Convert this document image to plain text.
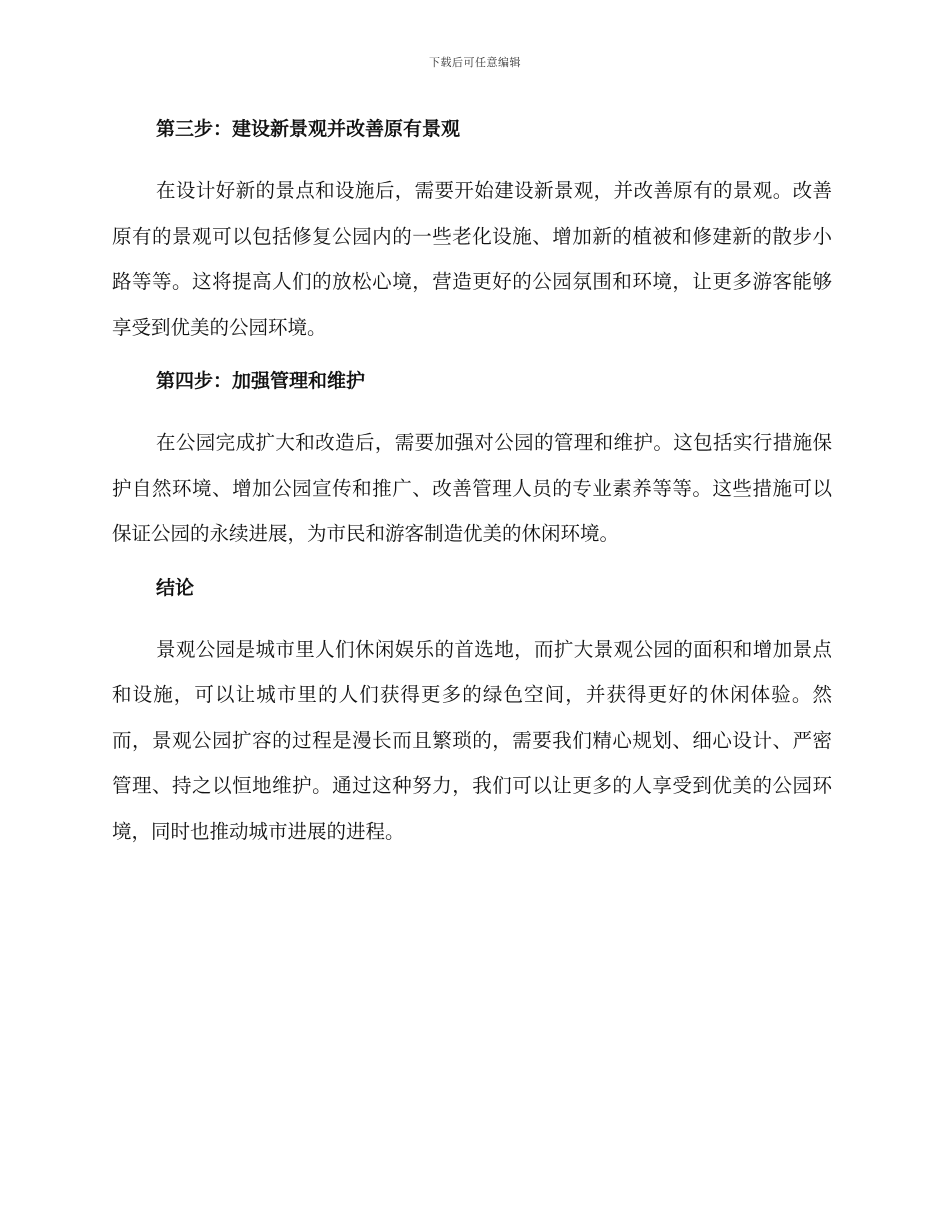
下载后可任意编辑
第三步：建设新景观并改善原有景观

在设计好新的景点和设施后，需要开始建设新景观，并改善原有的景观。改善原有的景观可以包括修复公园内的一些老化设施、增加新的植被和修建新的散步小路等等。这将提高人们的放松心境，营造更好的公园氛围和环境，让更多游客能够享受到优美的公园环境。

第四步：加强管理和维护

在公园完成扩大和改造后，需要加强对公园的管理和维护。这包括实行措施保护自然环境、增加公园宣传和推广、改善管理人员的专业素养等等。这些措施可以保证公园的永续进展，为市民和游客制造优美的休闲环境。

结论

景观公园是城市里人们休闲娱乐的首选地，而扩大景观公园的面积和增加景点和设施，可以让城市里的人们获得更多的绿色空间，并获得更好的休闲体验。然而，景观公园扩容的过程是漫长而且繁琐的，需要我们精心规划、细心设计、严密管理、持之以恒地维护。通过这种努力，我们可以让更多的人享受到优美的公园环境，同时也推动城市进展的进程。
